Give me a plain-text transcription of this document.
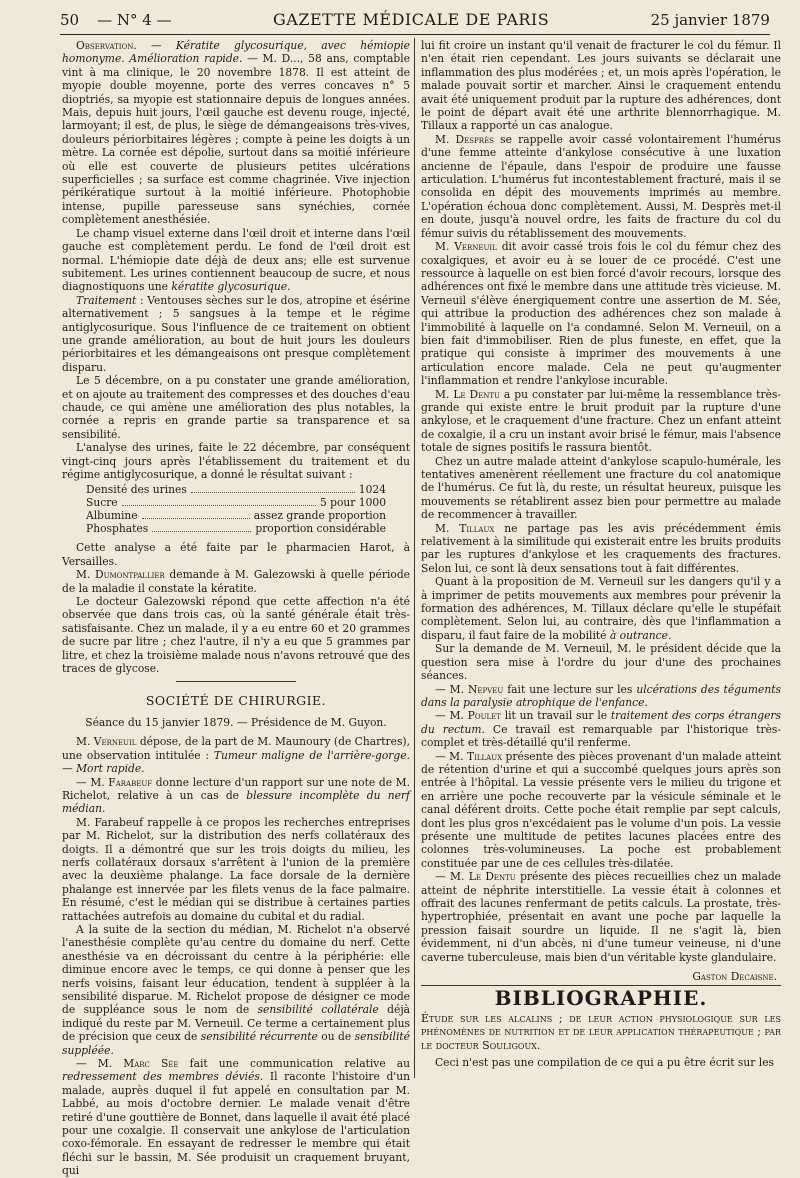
50 — N° 4 —	GAZETTE MÉDICALE DE PARIS	25 janvier 1879

Observation. — Kératite glycosurique, avec hémiopie homonyme. Amélioration rapide. — M. D..., 58 ans, comptable vint à ma clinique, le 20 novembre 1878. Il est atteint de myopie double moyenne, porte des verres concaves n° 5 dioptriés, sa myopie est stationnaire depuis de longues années. Mais, depuis huit jours, l'œil gauche est devenu rouge, injecté, larmoyant; il est, de plus, le siège de démangeaisons très-vives, douleurs périorbitaires légères ; compte à peine les doigts à un mètre. La cornée est dépolie, surtout dans sa moitié inférieure où elle est couverte de plusieurs petites ulcérations superficielles ; sa surface est comme chagrinée. Vive injection périkératique surtout à la moitié inférieure. Photophobie intense, pupille paresseuse sans synéchies, cornée complètement anesthésiée.

Le champ visuel externe dans l'œil droit et interne dans l'œil gauche est complètement perdu. Le fond de l'œil droit est normal. L'hémiopie date déjà de deux ans; elle est survenue subitement. Les urines contiennent beaucoup de sucre, et nous diagnostiquons une kératite glycosurique.

Traitement : Ventouses sèches sur le dos, atropine et ésérine alternativement ; 5 sangsues à la tempe et le régime antiglycosurique. Sous l'influence de ce traitement on obtient une grande amélioration, au bout de huit jours les douleurs périorbitaires et les démangeaisons ont presque complètement disparu.

Le 5 décembre, on a pu constater une grande amélioration, et on ajoute au traitement des compresses et des douches d'eau chaude, ce qui amène une amélioration des plus notables, la cornée a repris en grande partie sa transparence et sa sensibilité.

L'analyse des urines, faite le 22 décembre, par conséquent vingt-cinq jours après l'établissement du traitement et du régime antiglycosurique, a donné le résultat suivant :

Densité des urines	1024
Sucre	5 pour 1000
Albumine	assez grande proportion
Phosphates	proportion considérable

Cette analyse a été faite par le pharmacien Harot, à Versailles.

M. Dumontpallier demande à M. Galezowski à quelle période de la maladie il constate la kératite.

Le docteur Galezowski répond que cette affection n'a été observée que dans trois cas, où la santé générale était très-satisfaisante. Chez un malade, il y a eu entre 60 et 20 grammes de sucre par litre ; chez l'autre, il n'y a eu que 5 grammes par litre, et chez la troisième malade nous n'avons retrouvé que des traces de glycose.

SOCIÉTÉ DE CHIRURGIE.
Séance du 15 janvier 1879. — Présidence de M. Guyon.

M. Verneuil dépose, de la part de M. Maunoury (de Chartres), une observation intitulée : Tumeur maligne de l'arrière-gorge. — Mort rapide.

— M. Farabeuf donne lecture d'un rapport sur une note de M. Richelot, relative à un cas de blessure incomplète du nerf médian.

M. Farabeuf rappelle à ce propos les recherches entreprises par M. Richelot, sur la distribution des nerfs collatéraux des doigts. Il a démontré que sur les trois doigts du milieu, les nerfs collatéraux dorsaux s'arrêtent à l'union de la première avec la deuxième phalange. La face dorsale de la dernière phalange est innervée par les filets venus de la face palmaire. En résumé, c'est le médian qui se distribue à certaines parties rattachées autrefois au domaine du cubital et du radial.

A la suite de la section du médian, M. Richelot n'a observé l'anesthésie complète qu'au centre du domaine du nerf. Cette anesthésie va en décroissant du centre à la périphérie: elle diminue encore avec le temps, ce qui donne à penser que les nerfs voisins, faisant leur éducation, tendent à suppléer à la sensibilité disparue. M. Richelot propose de désigner ce mode de suppléance sous le nom de sensibilité collatérale déjà indiqué du reste par M. Verneuil. Ce terme a certainement plus de précision que ceux de sensibilité récurrente ou de sensibilité suppléée.

— M. Marc Sée fait une communication relative au redressement des membres déviés. Il raconte l'histoire d'un malade, auprès duquel il fut appelé en consultation par M. Labbé, au mois d'octobre dernier. Le malade venait d'être retiré d'une gouttière de Bonnet, dans laquelle il avait été placé pour une coxalgie. Il conservait une ankylose de l'articulation coxo-fémorale. En essayant de redresser le membre qui était fléchi sur le bassin, M. Sée produisit un craquement bruyant, qui

lui fit croire un instant qu'il venait de fracturer le col du fémur. Il n'en était rien cependant. Les jours suivants se déclarait une inflammation des plus modérées ; et, un mois après l'opération, le malade pouvait sortir et marcher. Ainsi le craquement entendu avait été uniquement produit par la rupture des adhérences, dont le point de départ avait été une arthrite blennorrhagique. M. Tillaux a rapporté un cas analogue.

M. Desprès se rappelle avoir cassé volontairement l'humérus d'une femme atteinte d'ankylose consécutive à une luxation ancienne de l'épaule, dans l'espoir de produire une fausse articulation. L'humérus fut incontestablement fracturé, mais il se consolida en dépit des mouvements imprimés au membre. L'opération échoua donc complètement. Aussi, M. Desprès met-il en doute, jusqu'à nouvel ordre, les faits de fracture du col du fémur suivis du rétablissement des mouvements.

M. Verneuil dit avoir cassé trois fois le col du fémur chez des coxalgiques, et avoir eu à se louer de ce procédé. C'est une ressource à laquelle on est bien forcé d'avoir recours, lorsque des adhérences ont fixé le membre dans une attitude très vicieuse. M. Verneuil s'élève énergiquement contre une assertion de M. Sée, qui attribue la production des adhérences chez son malade à l'immobilité à laquelle on l'a condamné. Selon M. Verneuil, on a bien fait d'immobiliser. Rien de plus funeste, en effet, que la pratique qui consiste à imprimer des mouvements à une articulation encore malade. Cela ne peut qu'augmenter l'inflammation et rendre l'ankylose incurable.

M. Le Dentu a pu constater par lui-même la ressemblance très-grande qui existe entre le bruit produit par la rupture d'une ankylose, et le craquement d'une fracture. Chez un enfant atteint de coxalgie, il a cru un instant avoir brisé le fémur, mais l'absence totale de signes positifs le rassura bientôt.

Chez un autre malade atteint d'ankylose scapulo-humérale, les tentatives amenèrent réellement une fracture du col anatomique de l'humérus. Ce fut là, du reste, un résultat heureux, puisque les mouvements se rétablirent assez bien pour permettre au malade de recommencer à travailler.

M. Tillaux ne partage pas les avis précédemment émis relativement à la similitude qui existerait entre les bruits produits par les ruptures d'ankylose et les craquements des fractures. Selon lui, ce sont là deux sensations tout à fait différentes.

Quant à la proposition de M. Verneuil sur les dangers qu'il y a à imprimer de petits mouvements aux membres pour prévenir la formation des adhérences, M. Tillaux déclare qu'elle le stupéfait complètement. Selon lui, au contraire, dès que l'inflammation a disparu, il faut faire de la mobilité à outrance.

Sur la demande de M. Verneuil, M. le président décide que la question sera mise à l'ordre du jour d'une des prochaines séances.

— M. Nepveu fait une lecture sur les ulcérations des téguments dans la paralysie atrophique de l'enfance.

— M. Poulet lit un travail sur le traitement des corps étrangers du rectum. Ce travail est remarquable par l'historique très-complet et très-détaillé qu'il renferme.

— M. Tillaux présente des pièces provenant d'un malade atteint de rétention d'urine et qui a succombé quelques jours après son entrée à l'hôpital. La vessie présente vers le milieu du trigone et en arrière une poche recouverte par la vésicule séminale et le canal déférent droits. Cette poche était remplie par sept calculs, dont les plus gros n'excédaient pas le volume d'un pois. La vessie présente une multitude de petites lacunes placées entre des colonnes très-volumineuses. La poche est probablement constituée par une de ces cellules très-dilatée.

— M. Le Dentu présente des pièces recueillies chez un malade atteint de néphrite interstitielle. La vessie était à colonnes et offrait des lacunes renfermant de petits calculs. La prostate, très-hypertrophiée, présentait en avant une poche par laquelle la pression faisait sourdre un liquide. Il ne s'agit là, bien évidemment, ni d'un abcès, ni d'une tumeur veineuse, ni d'une caverne tuberculeuse, mais bien d'un véritable kyste glandulaire.

Gaston Decaisne.
BIBLIOGRAPHIE.

Étude sur les alcalins ; de leur action physiologique sur les phénomènes de nutrition et de leur application thérapeutique ; par le docteur Souligoux.

Ceci n'est pas une compilation de ce qui a pu être écrit sur les
